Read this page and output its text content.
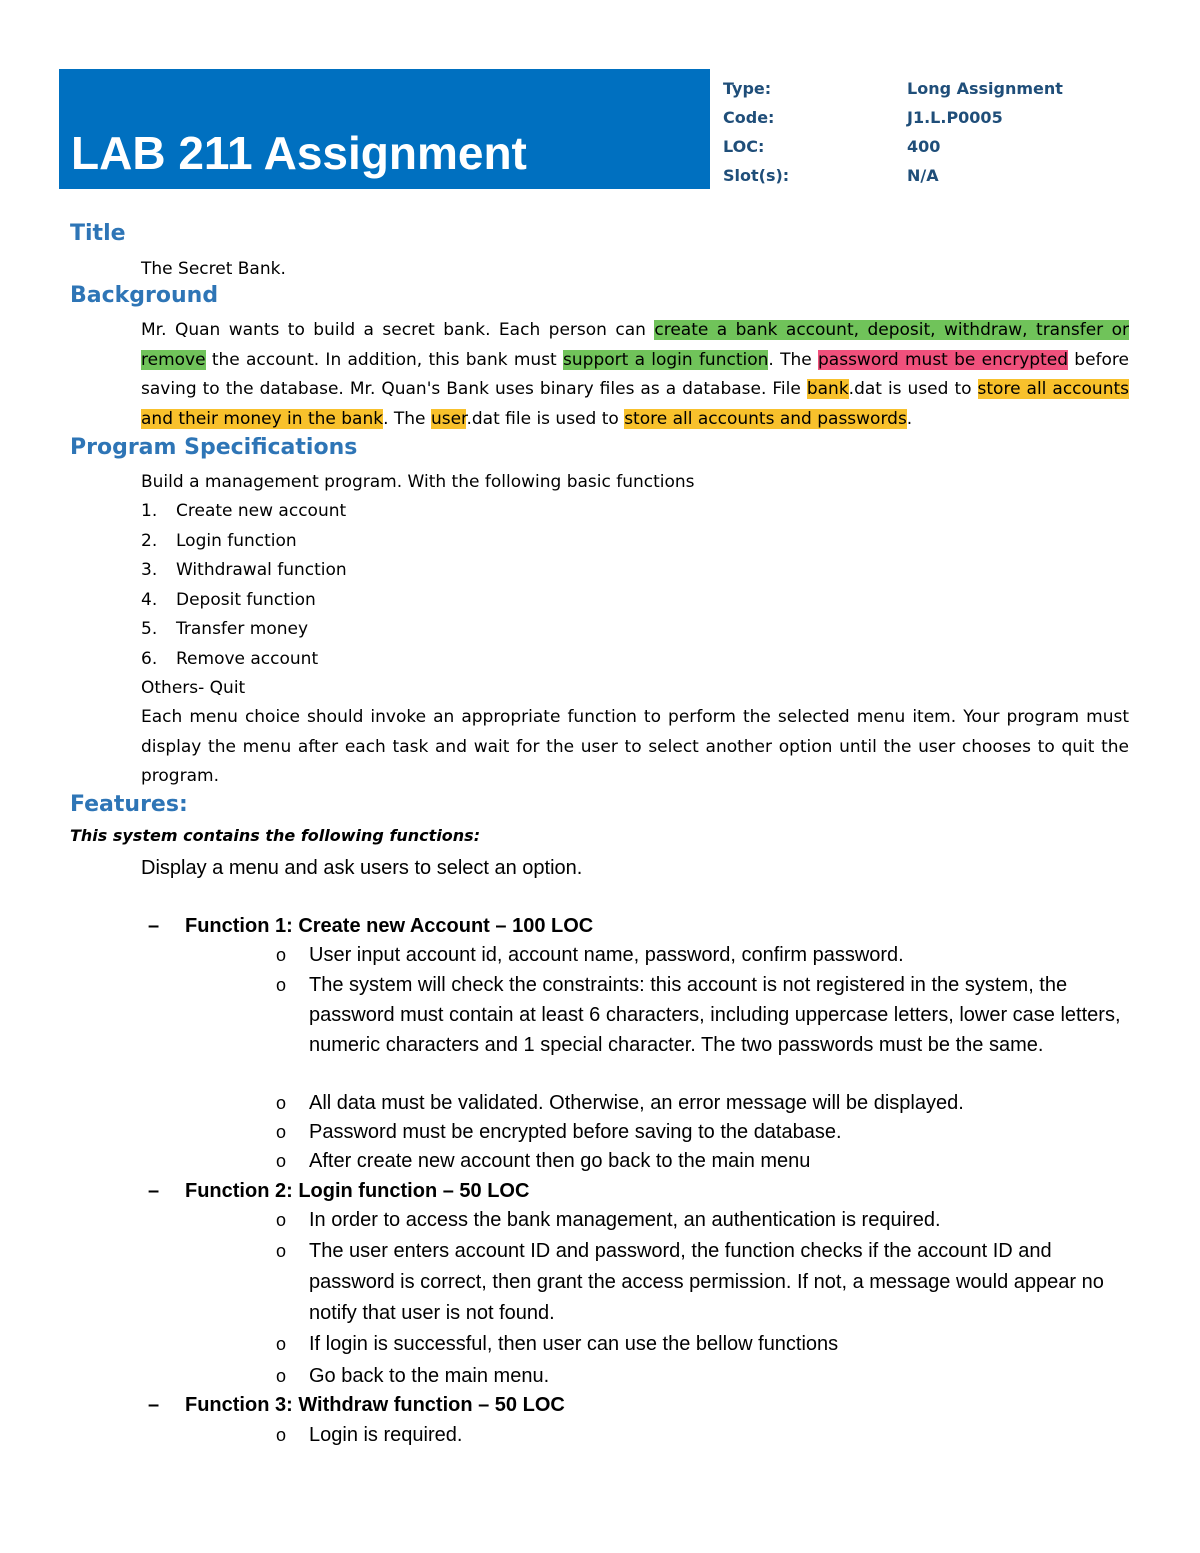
LAB 211 Assignment
Type:	Long Assignment
Code:	J1.L.P0005
LOC:	400
Slot(s):	N/A
Title
The Secret Bank.
Background
Mr. Quan wants to build a secret bank. Each person can create a bank account, deposit, withdraw, transfer or remove the account. In addition, this bank must support a login function. The password must be encrypted before saving to the database. Mr. Quan's Bank uses binary files as a database. File bank.dat is used to store all accounts and their money in the bank. The user.dat file is used to store all accounts and passwords.
Program Specifications
Build a management program. With the following basic functions
1.	Create new account
2.	Login function
3.	Withdrawal function
4.	Deposit function
5.	Transfer money
6.	Remove account
Others- Quit
Each menu choice should invoke an appropriate function to perform the selected menu item. Your program must display the menu after each task and wait for the user to select another option until the user chooses to quit the program.
Features:
This system contains the following functions:
Display a menu and ask users to select an option.
–	Function 1: Create new Account – 100 LOC
o	User input account id, account name, password, confirm password.
o	The system will check the constraints: this account is not registered in the system, the password must contain at least 6 characters, including uppercase letters, lower case letters, numeric characters and 1 special character. The two passwords must be the same.
o	All data must be validated. Otherwise, an error message will be displayed.
o	Password must be encrypted before saving to the database.
o	After create new account then go back to the main menu
–	Function 2: Login function – 50 LOC
o	In order to access the bank management, an authentication is required.
o	The user enters account ID and password, the function checks if the account ID and password is correct, then grant the access permission. If not, a message would appear no notify that user is not found.
o	If login is successful, then user can use the bellow functions
o	Go back to the main menu.
–	Function 3: Withdraw function – 50 LOC
o	Login is required.
